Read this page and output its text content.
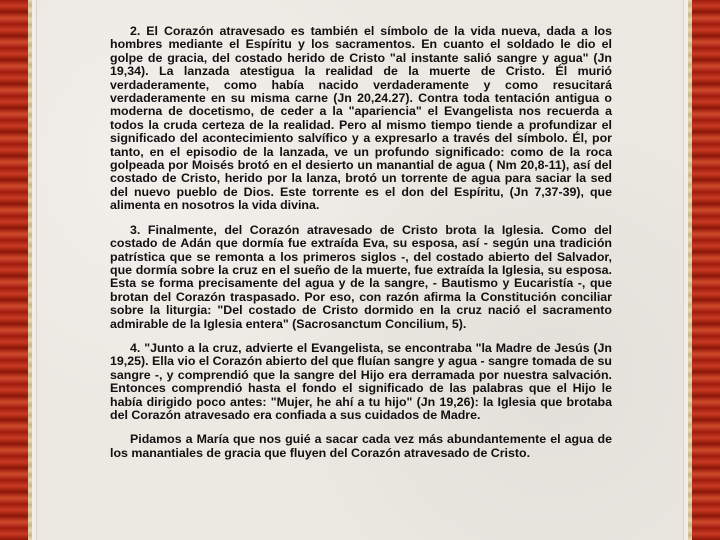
2. El Corazón atravesado es también el símbolo de la vida nueva, dada a los hombres mediante el Espíritu y los sacramentos. En cuanto el soldado le dio el golpe de gracia, del costado herido de Cristo "al instante salió sangre y agua" (Jn 19,34). La lanzada atestigua la realidad de la muerte de Cristo. Él murió verdaderamente, como había nacido verdaderamente y como resucitará verdaderamente en su misma carne (Jn 20,24.27). Contra toda tentación antigua o moderna de docetismo, de ceder a la "apariencia" el Evangelista nos recuerda a todos la cruda certeza de la realidad. Pero al mismo tiempo tiende a profundizar el significado del acontecimiento salvífico y a expresarlo a través del símbolo. Él, por tanto, en el episodio de la lanzada, ve un profundo significado: como de la roca golpeada por Moisés brotó en el desierto un manantial de agua ( Nm 20,8-11), así del costado de Cristo, herido por la lanza, brotó un torrente de agua para saciar la sed del nuevo pueblo de Dios. Este torrente es el don del Espíritu, (Jn 7,37-39), que alimenta en nosotros la vida divina.

3. Finalmente, del Corazón atravesado de Cristo brota la Iglesia. Como del costado de Adán que dormía fue extraída Eva, su esposa, así - según una tradición patrística que se remonta a los primeros siglos -, del costado abierto del Salvador, que dormía sobre la cruz en el sueño de la muerte, fue extraída la Iglesia, su esposa. Esta se forma precisamente del agua y de la sangre, - Bautismo y Eucaristía -, que brotan del Corazón traspasado. Por eso, con razón afirma la Constitución conciliar sobre la liturgia: "Del costado de Cristo dormido en la cruz nació el sacramento admirable de la Iglesia entera" (Sacrosanctum Concilium, 5).

4. "Junto a la cruz, advierte el Evangelista, se encontraba "la Madre de Jesús (Jn 19,25). Ella vio el Corazón abierto del que fluían sangre y agua - sangre tomada de su sangre -, y comprendió que la sangre del Hijo era derramada por nuestra salvación. Entonces comprendió hasta el fondo el significado de las palabras que el Hijo le había dirigido poco antes: "Mujer, he ahí a tu hijo" (Jn 19,26): la Iglesia que brotaba del Corazón atravesado era confiada a sus cuidados de Madre.

Pidamos a María que nos guié a sacar cada vez más abundantemente el agua de los manantiales de gracia que fluyen del Corazón atravesado de Cristo.
